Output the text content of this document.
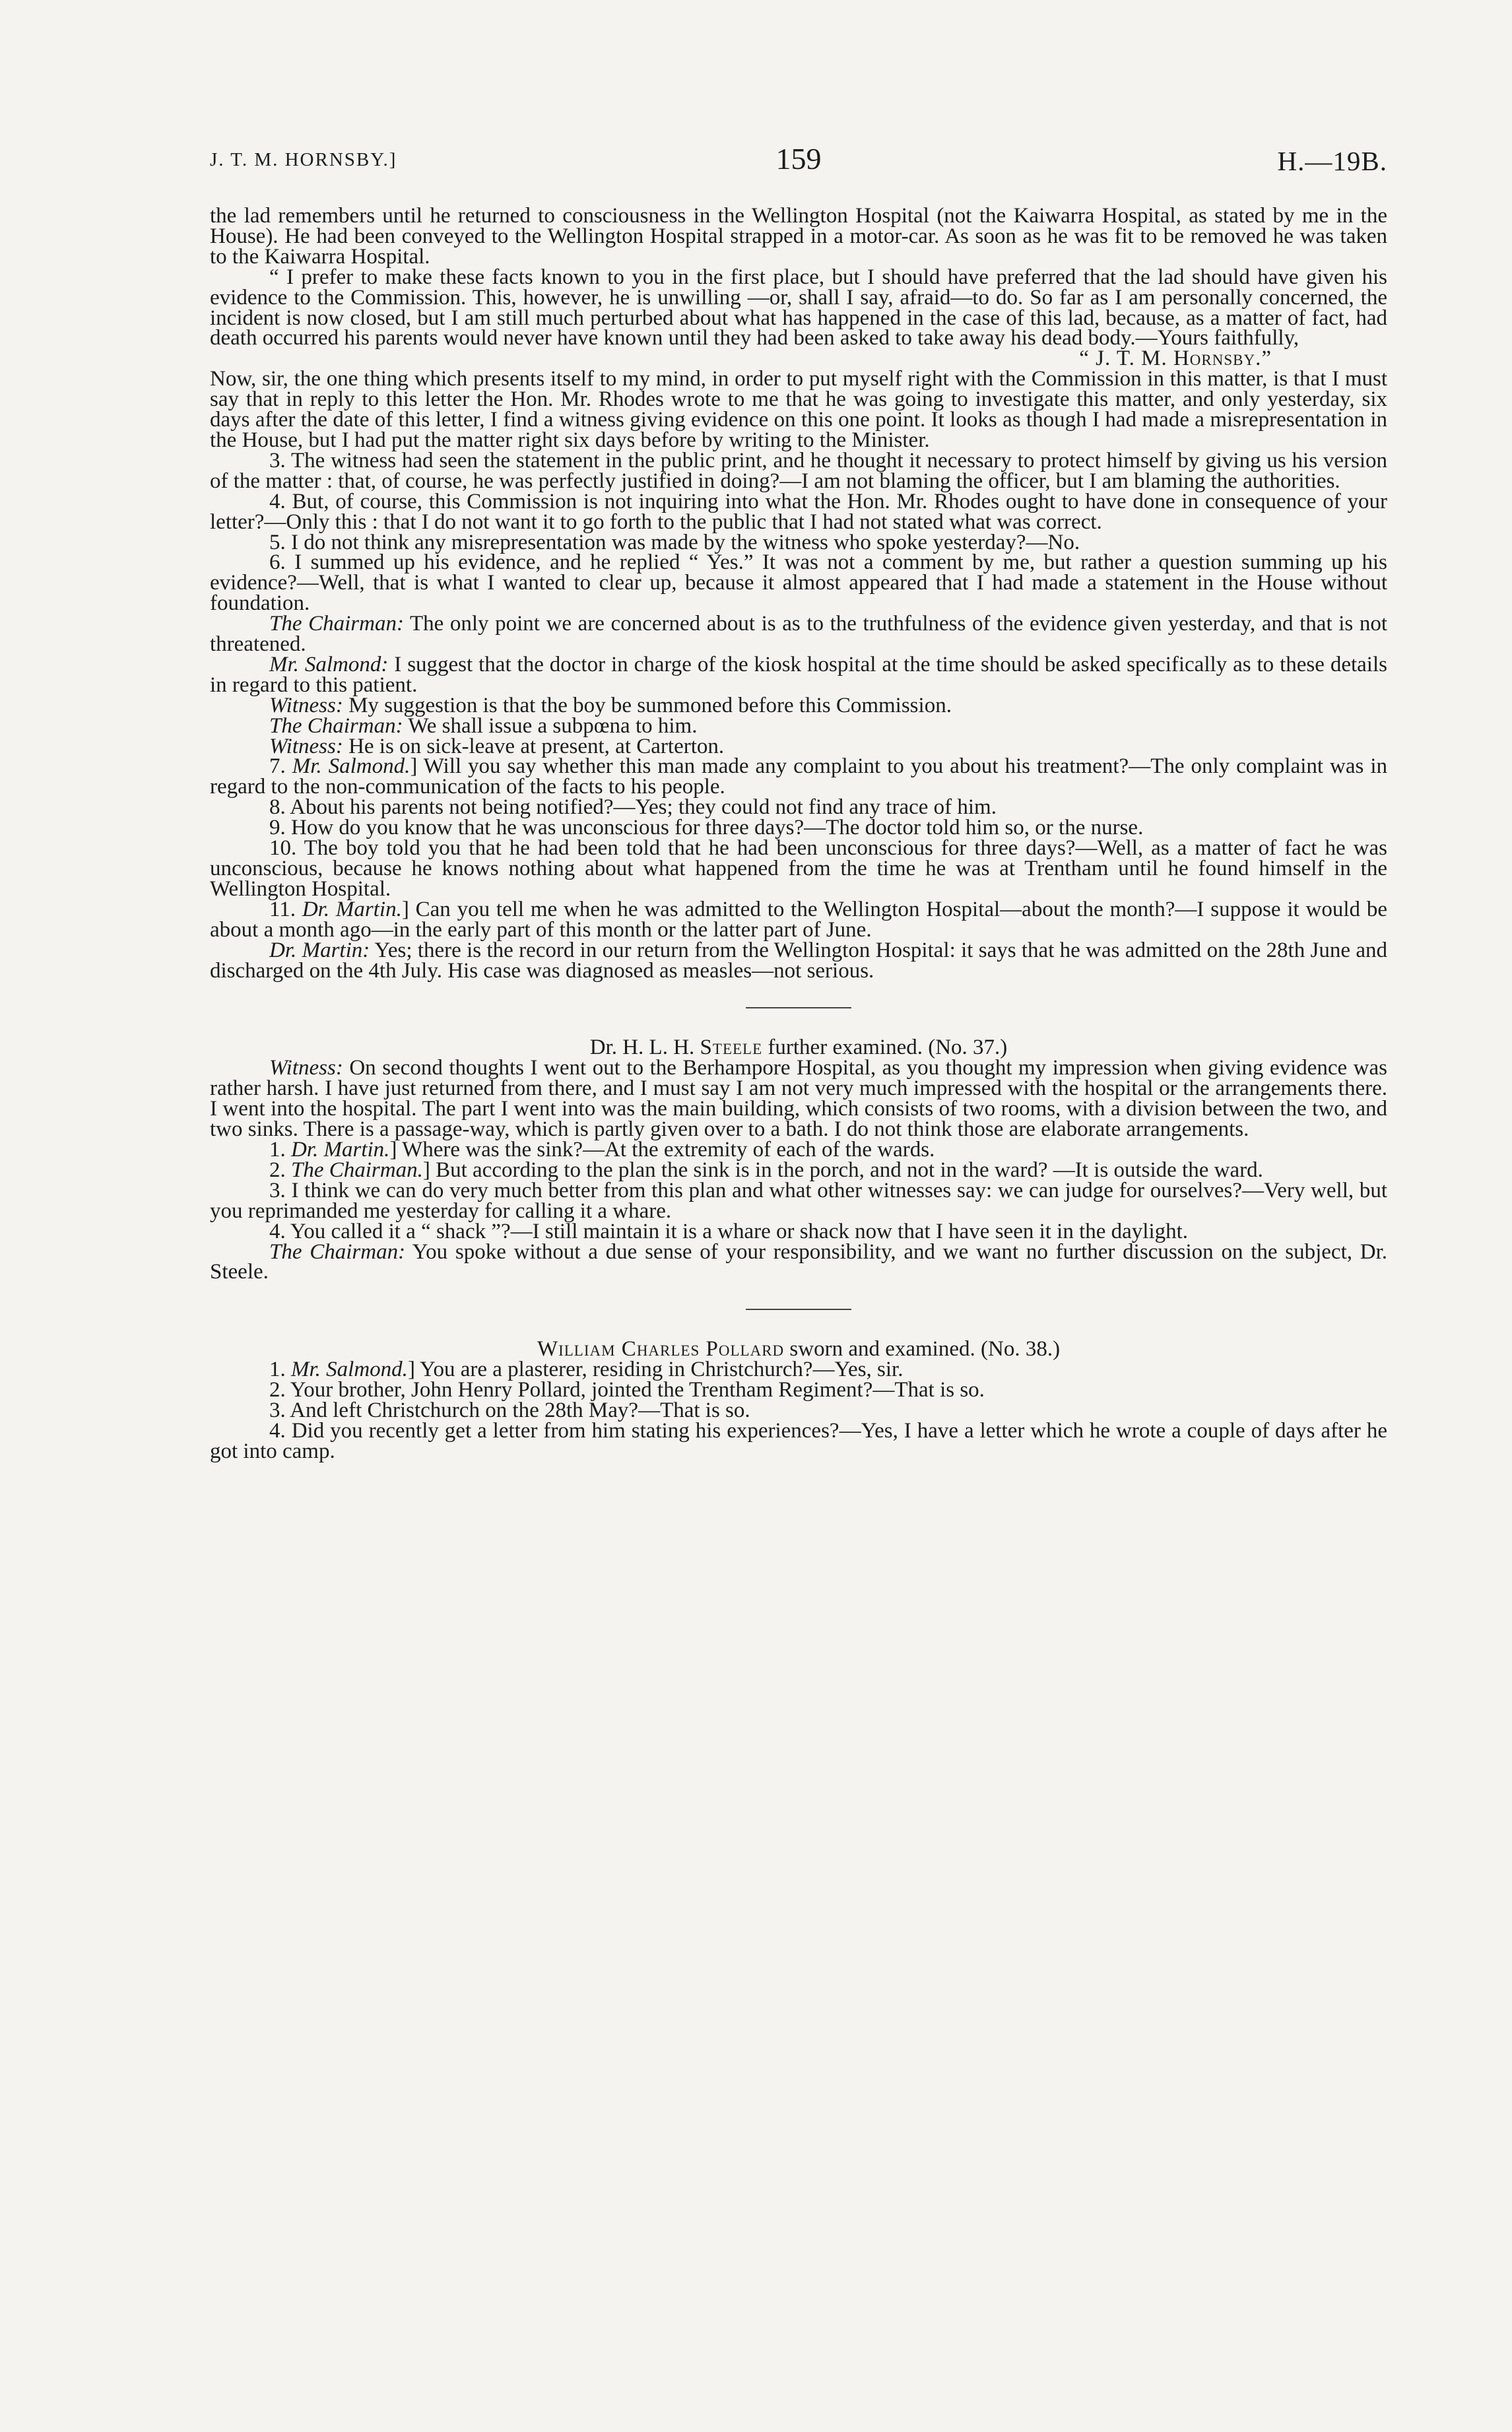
J. T. M. HORNSBY.]	159	H.—19B.

the lad remembers until he returned to consciousness in the Wellington Hospital (not the Kaiwarra Hospital, as stated by me in the House). He had been conveyed to the Wellington Hospital strapped in a motor-car. As soon as he was fit to be removed he was taken to the Kaiwarra Hospital.

“ I prefer to make these facts known to you in the first place, but I should have preferred that the lad should have given his evidence to the Commission. This, however, he is unwilling —or, shall I say, afraid—to do. So far as I am personally concerned, the incident is now closed, but I am still much perturbed about what has happened in the case of this lad, because, as a matter of fact, had death occurred his parents would never have known until they had been asked to take away his dead body.—Yours faithfully,

“ J. T. M. Hornsby.”

Now, sir, the one thing which presents itself to my mind, in order to put myself right with the Commission in this matter, is that I must say that in reply to this letter the Hon. Mr. Rhodes wrote to me that he was going to investigate this matter, and only yesterday, six days after the date of this letter, I find a witness giving evidence on this one point. It looks as though I had made a misrepresentation in the House, but I had put the matter right six days before by writing to the Minister.

3. The witness had seen the statement in the public print, and he thought it necessary to protect himself by giving us his version of the matter : that, of course, he was perfectly justified in doing?—I am not blaming the officer, but I am blaming the authorities.

4. But, of course, this Commission is not inquiring into what the Hon. Mr. Rhodes ought to have done in consequence of your letter?—Only this : that I do not want it to go forth to the public that I had not stated what was correct.

5. I do not think any misrepresentation was made by the witness who spoke yesterday?—No.

6. I summed up his evidence, and he replied “ Yes.” It was not a comment by me, but rather a question summing up his evidence?—Well, that is what I wanted to clear up, because it almost appeared that I had made a statement in the House without foundation.

The Chairman: The only point we are concerned about is as to the truthfulness of the evidence given yesterday, and that is not threatened.

Mr. Salmond: I suggest that the doctor in charge of the kiosk hospital at the time should be asked specifically as to these details in regard to this patient.

Witness: My suggestion is that the boy be summoned before this Commission.

The Chairman: We shall issue a subpœna to him.

Witness: He is on sick-leave at present, at Carterton.

7. Mr. Salmond.] Will you say whether this man made any complaint to you about his treatment?—The only complaint was in regard to the non-communication of the facts to his people.

8. About his parents not being notified?—Yes; they could not find any trace of him.

9. How do you know that he was unconscious for three days?—The doctor told him so, or the nurse.

10. The boy told you that he had been told that he had been unconscious for three days?—Well, as a matter of fact he was unconscious, because he knows nothing about what happened from the time he was at Trentham until he found himself in the Wellington Hospital.

11. Dr. Martin.] Can you tell me when he was admitted to the Wellington Hospital—about the month?—I suppose it would be about a month ago—in the early part of this month or the latter part of June.

Dr. Martin: Yes; there is the record in our return from the Wellington Hospital: it says that he was admitted on the 28th June and discharged on the 4th July. His case was diagnosed as measles—not serious.

Dr. H. L. H. Steele further examined. (No. 37.)

Witness: On second thoughts I went out to the Berhampore Hospital, as you thought my impression when giving evidence was rather harsh. I have just returned from there, and I must say I am not very much impressed with the hospital or the arrangements there. I went into the hospital. The part I went into was the main building, which consists of two rooms, with a division between the two, and two sinks. There is a passage-way, which is partly given over to a bath. I do not think those are elaborate arrangements.

1. Dr. Martin.] Where was the sink?—At the extremity of each of the wards.

2. The Chairman.] But according to the plan the sink is in the porch, and not in the ward? —It is outside the ward.

3. I think we can do very much better from this plan and what other witnesses say: we can judge for ourselves?—Very well, but you reprimanded me yesterday for calling it a whare.

4. You called it a “ shack ”?—I still maintain it is a whare or shack now that I have seen it in the daylight.

The Chairman: You spoke without a due sense of your responsibility, and we want no further discussion on the subject, Dr. Steele.

William Charles Pollard sworn and examined. (No. 38.)

1. Mr. Salmond.] You are a plasterer, residing in Christchurch?—Yes, sir.

2. Your brother, John Henry Pollard, jointed the Trentham Regiment?—That is so.

3. And left Christchurch on the 28th May?—That is so.

4. Did you recently get a letter from him stating his experiences?—Yes, I have a letter which he wrote a couple of days after he got into camp.
